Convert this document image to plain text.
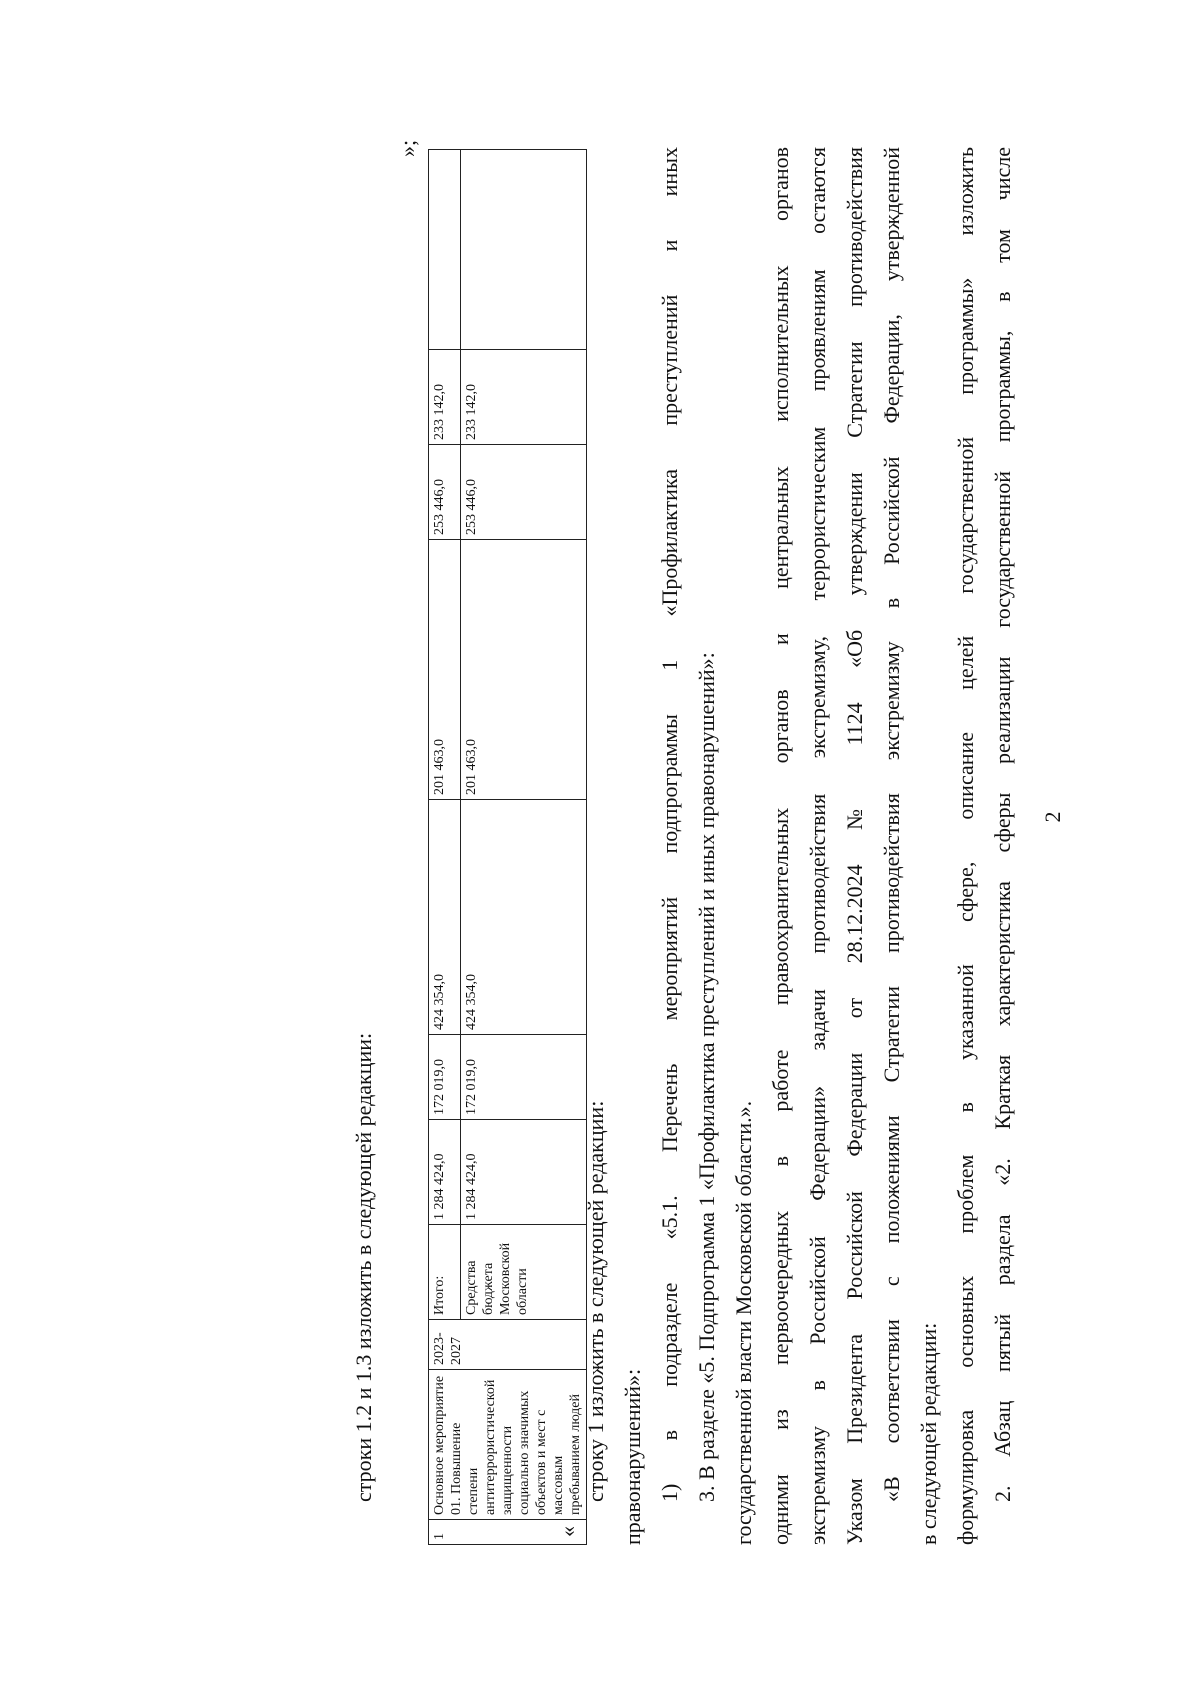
2
2. Абзац пятый раздела «2. Краткая характеристика сферы реализации государственной программы, в том числе
формулировка основных проблем в указанной сфере, описание целей государственной программы» изложить
в следующей редакции:
«В соответствии с положениями Стратегии противодействия экстремизму в Российской Федерации, утвержденной
Указом Президента Российской Федерации от 28.12.2024 № 1124 «Об утверждении Стратегии противодействия
экстремизму в Российской Федерации» задачи противодействия экстремизму, террористическим проявлениям остаются
одними из первоочередных в работе правоохранительных органов и центральных исполнительных органов
государственной власти Московской области.».
3. В разделе «5. Подпрограмма 1 «Профилактика преступлений и иных правонарушений»:
1) в подразделе «5.1. Перечень мероприятий подпрограммы 1 «Профилактика преступлений и иных
правонарушений»:
строку 1 изложить в следующей редакции:
«
1	Основное мероприятие 01. Повышение степени антитеррористической защищенности социально значимых объектов и мест с массовым пребыванием людей	2023-2027	Итого:	1 284 424,0	172 019,0	424 354,0	201 463,0	253 446,0	233 142,0	
			Средства бюджета Московской области	1 284 424,0	172 019,0	424 354,0	201 463,0	253 446,0	233 142,0	
»;
строки 1.2 и 1.3 изложить в следующей редакции:
